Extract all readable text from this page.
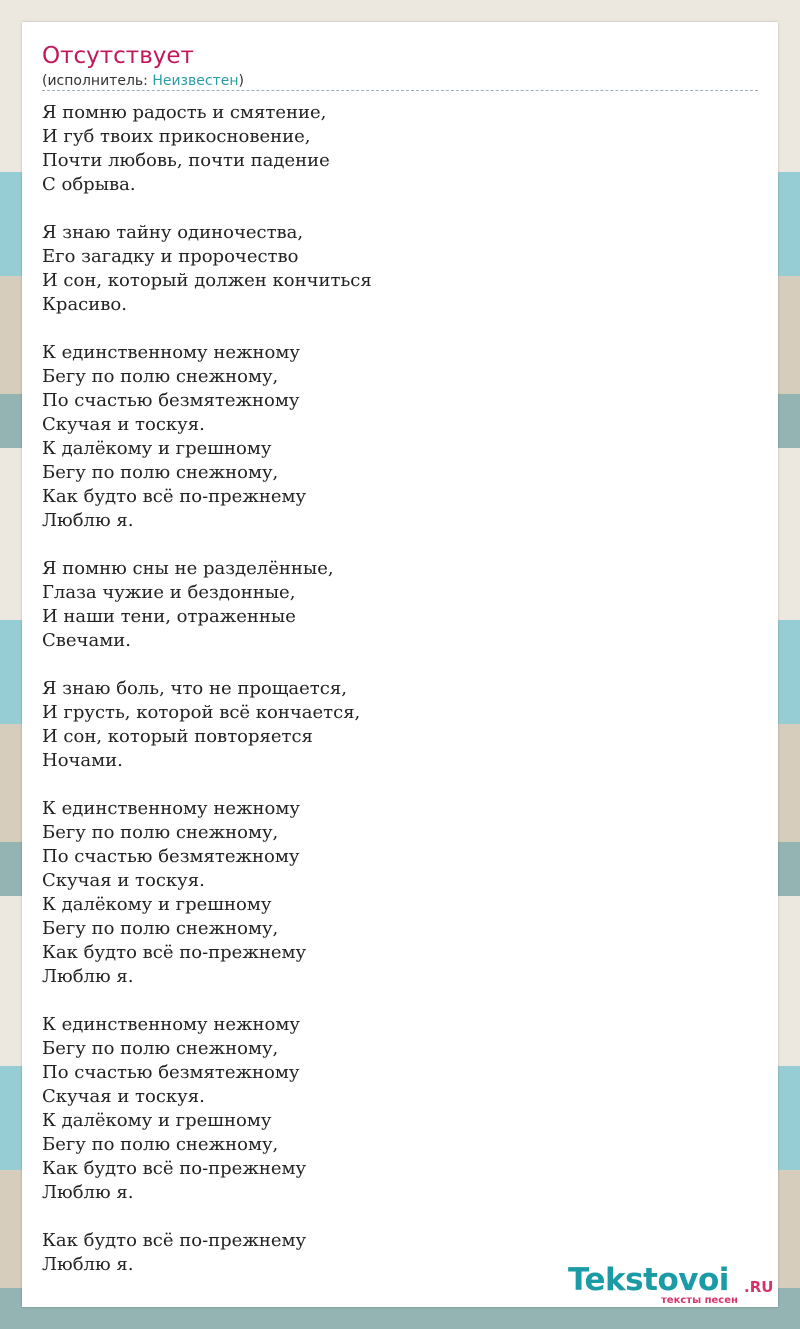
Отсутствует
(исполнитель: Неизвестен)
Я помню радость и смятение,
И губ твоих прикосновение,
Почти любовь, почти падение
С обрыва.
Я знаю тайну одиночества,
Его загадку и пророчество
И сон, который должен кончиться
Красиво.
К единственному нежному
Бегу по полю снежному,
По счастью безмятежному
Скучая и тоскуя.
К далёкому и грешному
Бегу по полю снежному,
Как будто всё по-прежнему
Люблю я.
Я помню сны не разделённые,
Глаза чужие и бездонные,
И наши тени, отраженные
Свечами.
Я знаю боль, что не прощается,
И грусть, которой всё кончается,
И сон, который повторяется
Ночами.
К единственному нежному
Бегу по полю снежному,
По счастью безмятежному
Скучая и тоскуя.
К далёкому и грешному
Бегу по полю снежному,
Как будто всё по-прежнему
Люблю я.
К единственному нежному
Бегу по полю снежному,
По счастью безмятежному
Скучая и тоскуя.
К далёкому и грешному
Бегу по полю снежному,
Как будто всё по-прежнему
Люблю я.
Как будто всё по-прежнему
Люблю я.	Tekstovoi .RU
тексты песен
